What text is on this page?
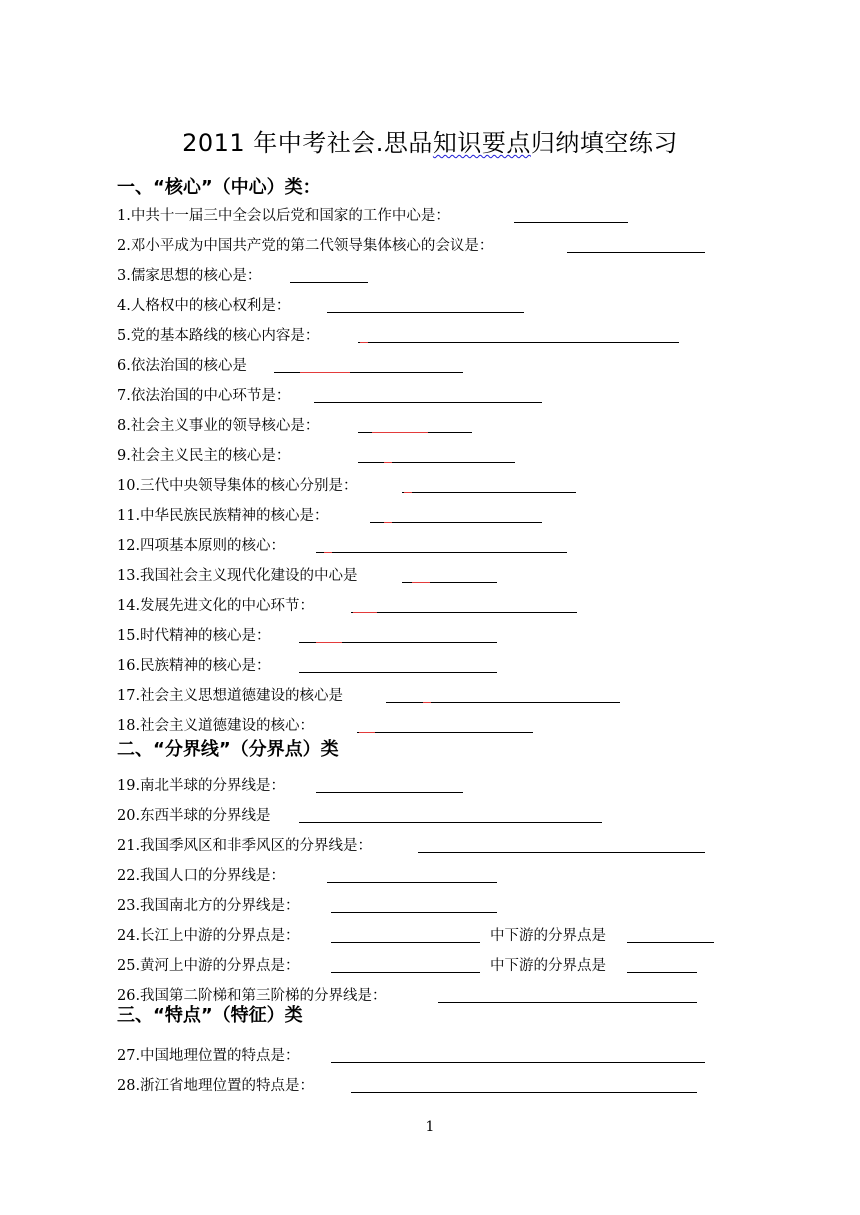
2011 年中考社会.思品知识要点归纳填空练习
一、“核心”（中心）类：
1.中共十一届三中全会以后党和国家的工作中心是：
2.邓小平成为中国共产党的第二代领导集体核心的会议是：
3.儒家思想的核心是：
4.人格权中的核心权利是：
5.党的基本路线的核心内容是：
6.依法治国的核心是
7.依法治国的中心环节是：
8.社会主义事业的领导核心是：
9.社会主义民主的核心是：
10.三代中央领导集体的核心分别是：
11.中华民族民族精神的核心是：
12.四项基本原则的核心：
13.我国社会主义现代化建设的中心是
14.发展先进文化的中心环节：
15.时代精神的核心是：
16.民族精神的核心是：
17.社会主义思想道德建设的核心是
18.社会主义道德建设的核心：
二、“分界线”（分界点）类
19.南北半球的分界线是：
20.东西半球的分界线是
21.我国季风区和非季风区的分界线是：
22.我国人口的分界线是：
23.我国南北方的分界线是：
24.长江上中游的分界点是：	中下游的分界点是
25.黄河上中游的分界点是：	中下游的分界点是
26.我国第二阶梯和第三阶梯的分界线是：
三、“特点”（特征）类
27.中国地理位置的特点是：
28.浙江省地理位置的特点是：
1
